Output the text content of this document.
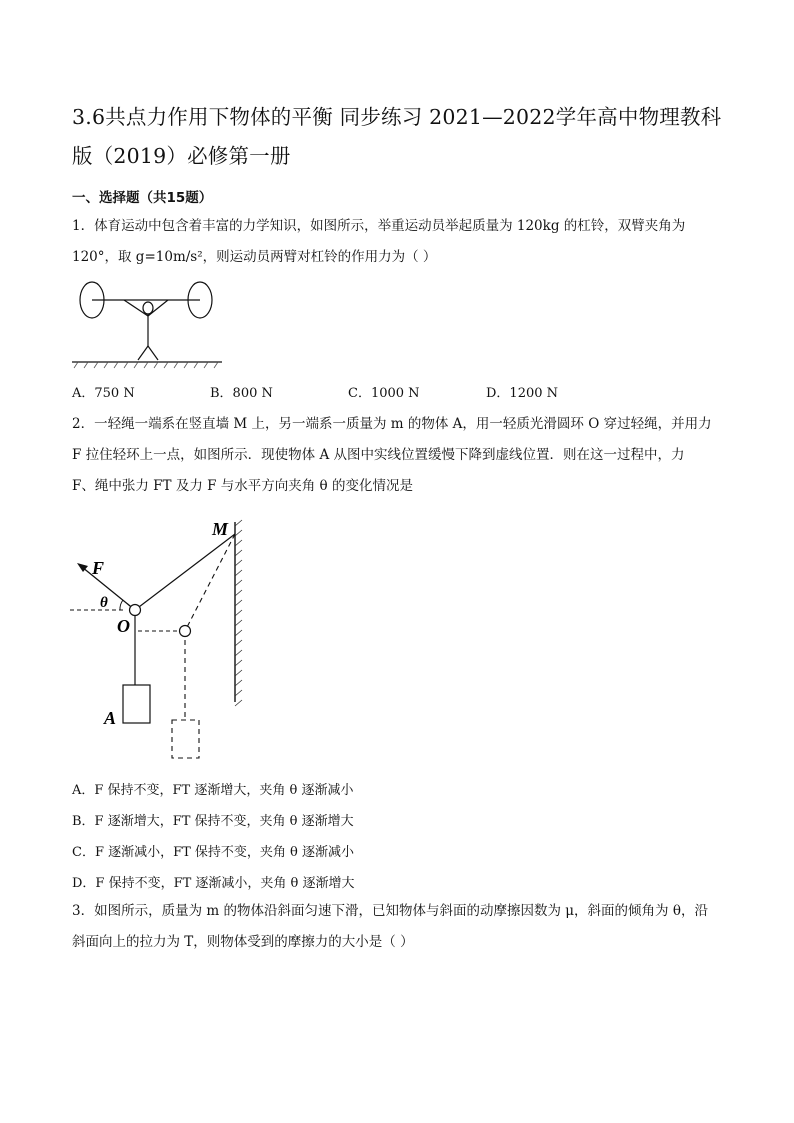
3.6共点力作用下物体的平衡 同步练习 2021—2022学年高中物理教科版（2019）必修第一册
一、选择题（共15题）
1．体育运动中包含着丰富的力学知识，如图所示，举重运动员举起质量为 120kg 的杠铃，双臂夹角为
120°，取 g=10m/s²，则运动员两臂对杠铃的作用力为（ ）
A．750 N	B．800 N	C．1000 N	D．1200 N
2．一轻绳一端系在竖直墙 M 上，另一端系一质量为 m 的物体 A，用一轻质光滑圆环 O 穿过轻绳，并用力
F 拉住轻环上一点，如图所示．现使物体 A 从图中实线位置缓慢下降到虚线位置．则在这一过程中，力
F、绳中张力 FT 及力 F 与水平方向夹角 θ 的变化情况是
M
F
θ
O
A
A．F 保持不变，FT 逐渐增大，夹角 θ 逐渐减小
B．F 逐渐增大，FT 保持不变，夹角 θ 逐渐增大
C．F 逐渐减小，FT 保持不变，夹角 θ 逐渐减小
D．F 保持不变，FT 逐渐减小，夹角 θ 逐渐增大
3．如图所示，质量为 m 的物体沿斜面匀速下滑，已知物体与斜面的动摩擦因数为 μ，斜面的倾角为 θ，沿
斜面向上的拉力为 T，则物体受到的摩擦力的大小是（ ）
